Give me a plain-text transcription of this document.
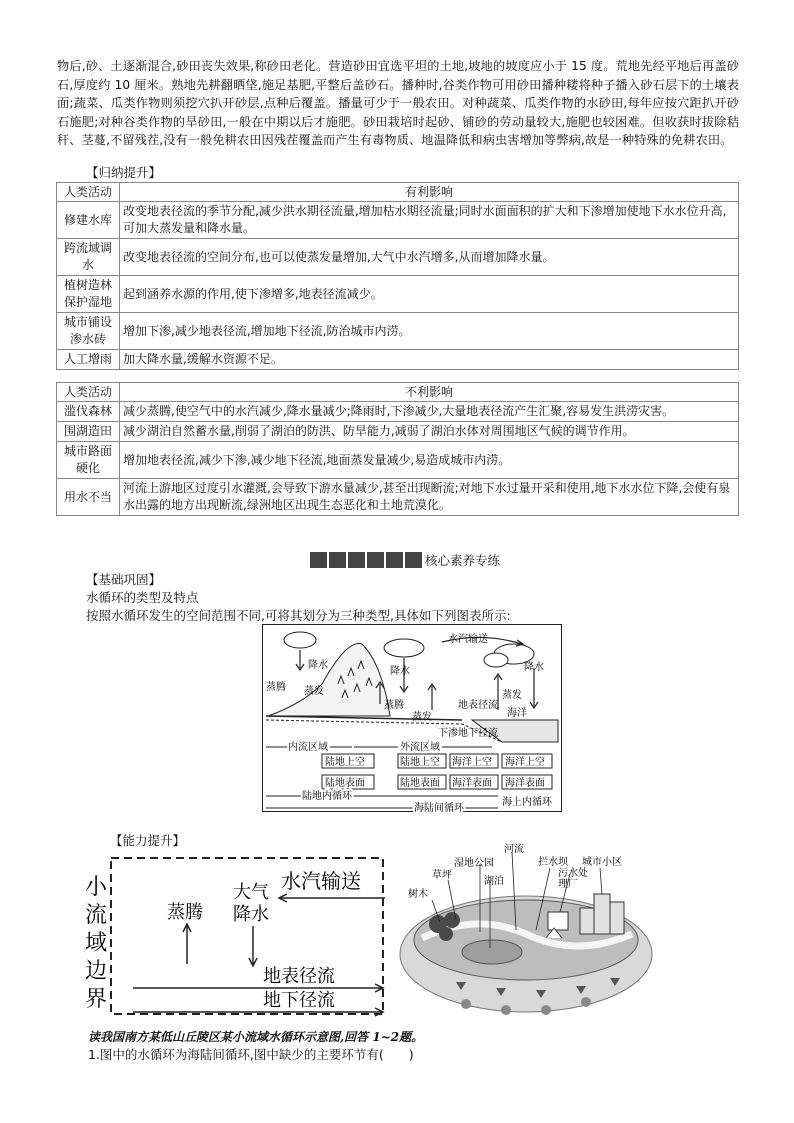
物后,砂、土逐渐混合,砂田丧失效果,称砂田老化。营造砂田宜选平坦的土地,坡地的坡度应小于 15 度。荒地先经平地后再盖砂石,厚度约 10 厘米。熟地先耕翻晒垡,施足基肥,平整后盖砂石。播种时,谷类作物可用砂田播种耧将种子播入砂石层下的土壤表面;蔬菜、瓜类作物则须挖穴扒开砂层,点种后覆盖。播量可少于一般农田。对种蔬菜、瓜类作物的水砂田,每年应按穴距扒开砂石施肥;对种谷类作物的旱砂田,一般在中期以后才施肥。砂田栽培时起砂、铺砂的劳动量较大,施肥也较困难。但收获时拔除秸秆、茎蔓,不留残茬,没有一般免耕农田因残茬覆盖而产生有毒物质、地温降低和病虫害增加等弊病,故是一种特殊的免耕农田。
【归纳提升】
人类活动	有利影响
修建水库	改变地表径流的季节分配,减少洪水期径流量,增加枯水期径流量;同时水面面积的扩大和下渗增加使地下水水位升高,可加大蒸发量和降水量。
跨流域调水	改变地表径流的空间分布,也可以使蒸发量增加,大气中水汽增多,从而增加降水量。
植树造林保护湿地	起到涵养水源的作用,使下渗增多,地表径流减少。
城市铺设渗水砖	增加下渗,减少地表径流,增加地下径流,防治城市内涝。
人工增雨	加大降水量,缓解水资源不足。
人类活动	不利影响
滥伐森林	减少蒸腾,使空气中的水汽减少,降水量减少;降雨时,下渗减少,大量地表径流产生汇聚,容易发生洪涝灾害。
围湖造田	减少湖泊自然蓄水量,削弱了湖泊的防洪、防旱能力,减弱了湖泊水体对周围地区气候的调节作用。
城市路面硬化	增加地表径流,减少下渗,减少地下径流,地面蒸发量减少,易造成城市内涝。
用水不当	河流上游地区过度引水灌溉,会导致下游水量减少,甚至出现断流;对地下水过量开采和使用,地下水水位下降,会使有泉水出露的地方出现断流,绿洲地区出现生态恶化和土地荒漠化。
核心素养专练
【基础巩固】
水循环的类型及特点
按照水循环发生的空间范围不同,可将其划分为三种类型,具体如下列图表所示:
海洋
水汽输送
降水
降水	降水
蒸腾 蒸发
蒸腾
蒸发
蒸发
地表径流
下渗地下径流
内流区域	外流区域
陆地上空
陆地表面
陆地上空 海洋上空
陆地表面 海洋表面
海洋上空
海洋表面
陆地内循环
海陆间循环
海上内循环
【能力提升】
小 流 域 边 界
水汽输送
蒸腾
大气
降水
地表径流
地下径流
树木
草坪
湿地公园
河流
湖泊
拦水坝 城市小区
污水处
理厂
读我国南方某低山丘陵区某小流域水循环示意图,回答 1~2题。
1.图中的水循环为海陆间循环,图中缺少的主要环节有(　　)
